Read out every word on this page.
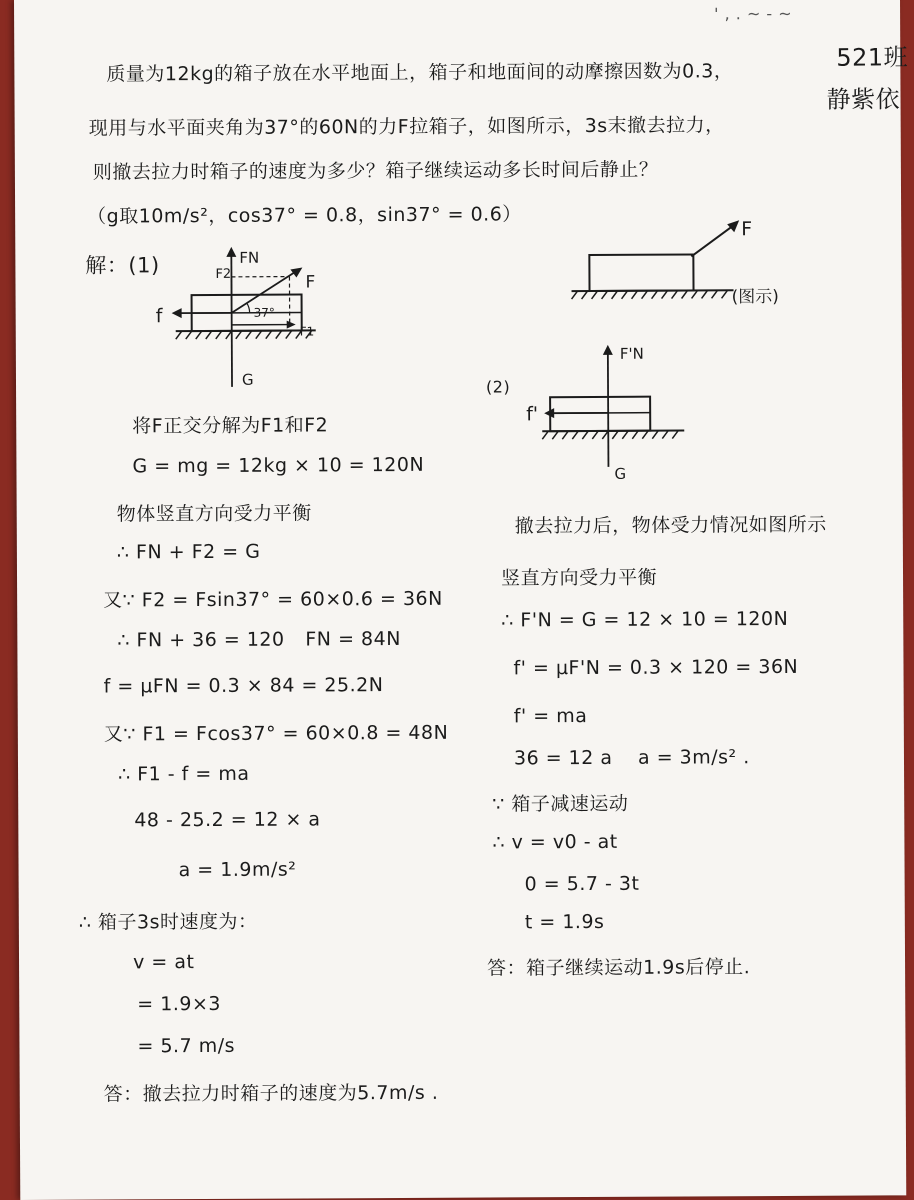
' , . ~ - ~
521班
静紫依
质量为12kg的箱子放在水平地面上，箱子和地面间的动摩擦因数为0.3，
现用与水平面夹角为37°的60N的力F拉箱子，如图所示，3s末撤去拉力，
则撤去拉力时箱子的速度为多少？箱子继续运动多长时间后静止？
（g取10m/s²，cos37° = 0.8，sin37° = 0.6）
F
(图示)
解：(1)	FN
F2	F
f	37°
F1
G
将F正交分解为F1和F2
G = mg = 12kg × 10 = 120N
物体竖直方向受力平衡
∴ FN + F2 = G
又∵ F2 = Fsin37° = 60×0.6 = 36N
∴ FN + 36 = 120 FN = 84N
f = μFN = 0.3 × 84 = 25.2N
又∵ F1 = Fcos37° = 60×0.8 = 48N
∴ F1 - f = ma
48 - 25.2 = 12 × a
a = 1.9m/s²
∴ 箱子3s时速度为：
v = at
= 1.9×3
= 5.7 m/s
答：撤去拉力时箱子的速度为5.7m/s .
(2)
F'N
f'
G
撤去拉力后，物体受力情况如图所示
竖直方向受力平衡
∴ F'N = G = 12 × 10 = 120N
f' = μF'N = 0.3 × 120 = 36N
f' = ma
36 = 12 a a = 3m/s² .
∵ 箱子减速运动
∴ v = v0 - at
0 = 5.7 - 3t
t = 1.9s
答：箱子继续运动1.9s后停止.
